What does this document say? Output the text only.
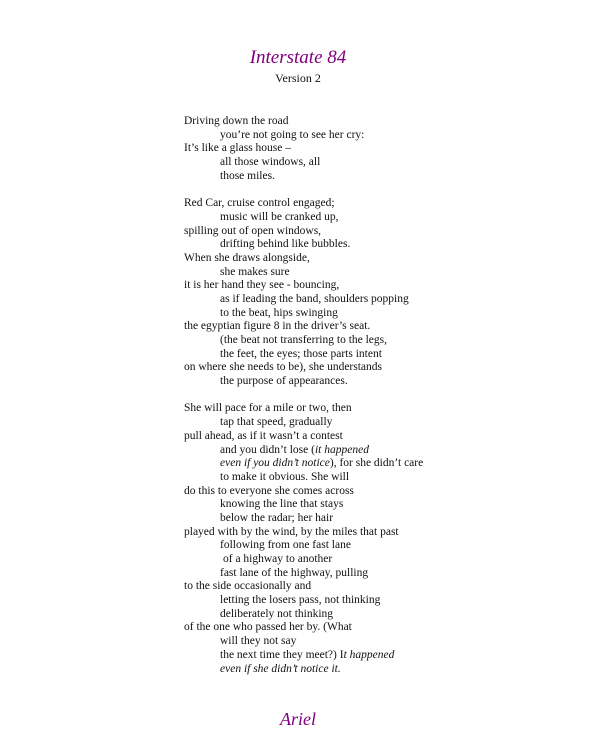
Interstate 84
Version 2
Driving down the road
you’re not going to see her cry:
It’s like a glass house –
all those windows, all
those miles.
Red Car, cruise control engaged;
music will be cranked up,
spilling out of open windows,
drifting behind like bubbles.
When she draws alongside,
she makes sure
it is her hand they see - bouncing,
as if leading the band, shoulders popping
to the beat, hips swinging
the egyptian figure 8 in the driver’s seat.
(the beat not transferring to the legs,
the feet, the eyes; those parts intent
on where she needs to be), she understands
the purpose of appearances.
She will pace for a mile or two, then
tap that speed, gradually
pull ahead, as if it wasn’t a contest
and you didn’t lose (it happened
even if you didn’t notice), for she didn’t care
to make it obvious. She will
do this to everyone she comes across
knowing the line that stays
below the radar; her hair
played with by the wind, by the miles that past
following from one fast lane
of a highway to another
fast lane of the highway, pulling
to the side occasionally and
letting the losers pass, not thinking
deliberately not thinking
of the one who passed her by. (What
will they not say
the next time they meet?) It happened
even if she didn’t notice it.
Ariel
